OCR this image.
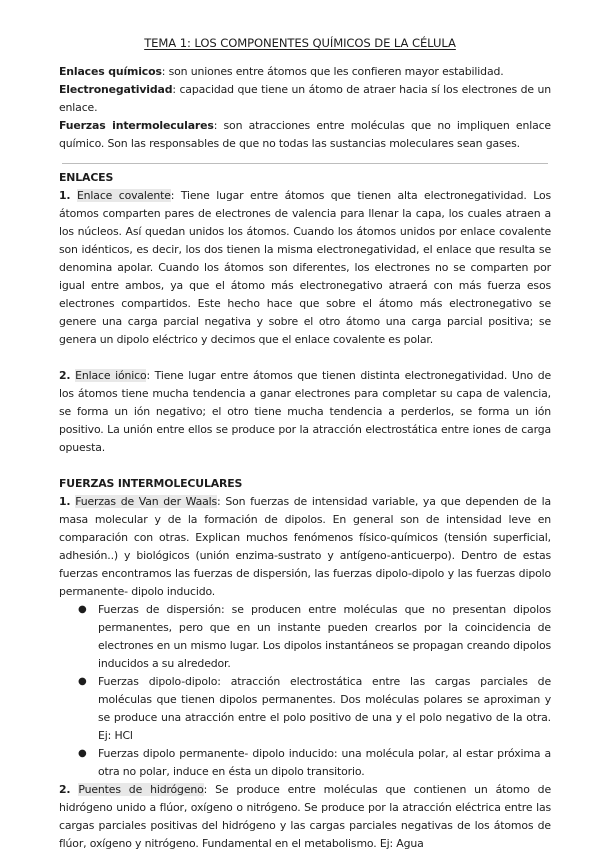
TEMA 1: LOS COMPONENTES QUÍMICOS DE LA CÉLULA

Enlaces químicos: son uniones entre átomos que les confieren mayor estabilidad.

Electronegatividad: capacidad que tiene un átomo de atraer hacia sí los electrones de un enlace.

Fuerzas intermoleculares: son atracciones entre moléculas que no impliquen enlace químico. Son las responsables de que no todas las sustancias moleculares sean gases.

ENLACES

1. Enlace covalente: Tiene lugar entre átomos que tienen alta electronegatividad. Los átomos comparten pares de electrones de valencia para llenar la capa, los cuales atraen a los núcleos. Así quedan unidos los átomos. Cuando los átomos unidos por enlace covalente son idénticos, es decir, los dos tienen la misma electronegatividad, el enlace que resulta se denomina apolar. Cuando los átomos son diferentes, los electrones no se comparten por igual entre ambos, ya que el átomo más electronegativo atraerá con más fuerza esos electrones compartidos. Este hecho hace que sobre el átomo más electronegativo se genere una carga parcial negativa y sobre el otro átomo una carga parcial positiva; se genera un dipolo eléctrico y decimos que el enlace covalente es polar.

2. Enlace iónico: Tiene lugar entre átomos que tienen distinta electronegatividad. Uno de los átomos tiene mucha tendencia a ganar electrones para completar su capa de valencia, se forma un ión negativo; el otro tiene mucha tendencia a perderlos, se forma un ión positivo. La unión entre ellos se produce por la atracción electrostática entre iones de carga opuesta.

FUERZAS INTERMOLECULARES

1. Fuerzas de Van der Waals: Son fuerzas de intensidad variable, ya que dependen de la masa molecular y de la formación de dipolos. En general son de intensidad leve en comparación con otras. Explican muchos fenómenos físico-químicos (tensión superficial, adhesión..) y biológicos (unión enzima-sustrato y antígeno-anticuerpo). Dentro de estas fuerzas encontramos las fuerzas de dispersión, las fuerzas dipolo-dipolo y las fuerzas dipolo permanente- dipolo inducido.

● Fuerzas de dispersión: se producen entre moléculas que no presentan dipolos permanentes, pero que en un instante pueden crearlos por la coincidencia de electrones en un mismo lugar. Los dipolos instantáneos se propagan creando dipolos inducidos a su alrededor.
● Fuerzas dipolo-dipolo: atracción electrostática entre las cargas parciales de moléculas que tienen dipolos permanentes. Dos moléculas polares se aproximan y se produce una atracción entre el polo positivo de una y el polo negativo de la otra. Ej: HCl
● Fuerzas dipolo permanente- dipolo inducido: una molécula polar, al estar próxima a otra no polar, induce en ésta un dipolo transitorio.

2. Puentes de hidrógeno: Se produce entre moléculas que contienen un átomo de hidrógeno unido a flúor, oxígeno o nitrógeno. Se produce por la atracción eléctrica entre las cargas parciales positivas del hidrógeno y las cargas parciales negativas de los átomos de flúor, oxígeno y nitrógeno. Fundamental en el metabolismo. Ej: Agua
